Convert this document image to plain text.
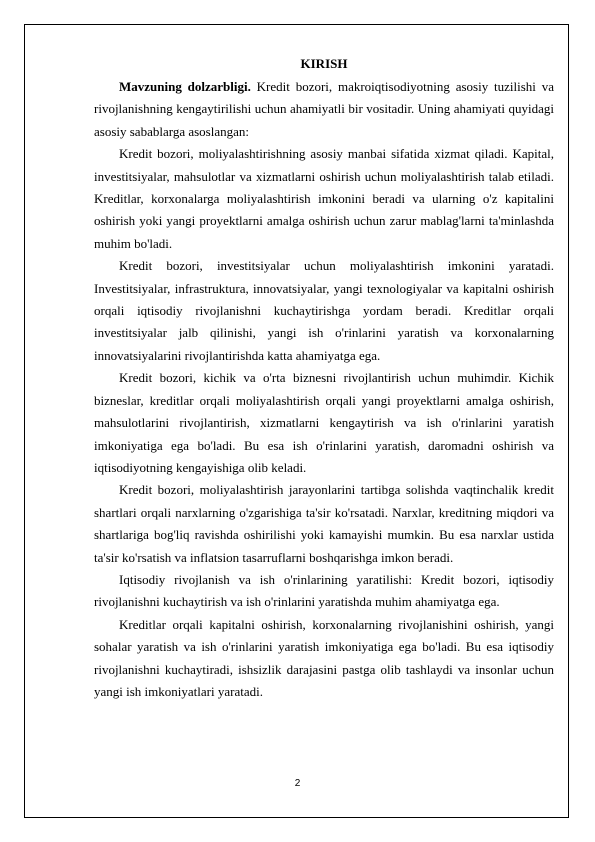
KIRISH

Mavzuning dolzarbligi. Kredit bozori, makroiqtisodiyotning asosiy tuzilishi va rivojlanishning kengaytirilishi uchun ahamiyatli bir vositadir. Uning ahamiyati quyidagi asosiy sabablarga asoslangan:

Kredit bozori, moliyalashtirishning asosiy manbai sifatida xizmat qiladi. Kapital, investitsiyalar, mahsulotlar va xizmatlarni oshirish uchun moliyalashtirish talab etiladi. Kreditlar, korxonalarga moliyalashtirish imkonini beradi va ularning o'z kapitalini oshirish yoki yangi proyektlarni amalga oshirish uchun zarur mablag'larni ta'minlashda muhim bo'ladi.

Kredit bozori, investitsiyalar uchun moliyalashtirish imkonini yaratadi. Investitsiyalar, infrastruktura, innovatsiyalar, yangi texnologiyalar va kapitalni oshirish orqali iqtisodiy rivojlanishni kuchaytirishga yordam beradi. Kreditlar orqali investitsiyalar jalb qilinishi, yangi ish o'rinlarini yaratish va korxonalarning innovatsiyalarini rivojlantirishda katta ahamiyatga ega.

Kredit bozori, kichik va o'rta biznesni rivojlantirish uchun muhimdir. Kichik bizneslar, kreditlar orqali moliyalashtirish orqali yangi proyektlarni amalga oshirish, mahsulotlarini rivojlantirish, xizmatlarni kengaytirish va ish o'rinlarini yaratish imkoniyatiga ega bo'ladi. Bu esa ish o'rinlarini yaratish, daromadni oshirish va iqtisodiyotning kengayishiga olib keladi.

Kredit bozori, moliyalashtirish jarayonlarini tartibga solishda vaqtinchalik kredit shartlari orqali narxlarning o'zgarishiga ta'sir ko'rsatadi. Narxlar, kreditning miqdori va shartlariga bog'liq ravishda oshirilishi yoki kamayishi mumkin. Bu esa narxlar ustida ta'sir ko'rsatish va inflatsion tasarruflarni boshqarishga imkon beradi.

Iqtisodiy rivojlanish va ish o'rinlarining yaratilishi: Kredit bozori, iqtisodiy rivojlanishni kuchaytirish va ish o'rinlarini yaratishda muhim ahamiyatga ega.

Kreditlar orqali kapitalni oshirish, korxonalarning rivojlanishini oshirish, yangi sohalar yaratish va ish o'rinlarini yaratish imkoniyatiga ega bo'ladi. Bu esa iqtisodiy rivojlanishni kuchaytiradi, ishsizlik darajasini pastga olib tashlaydi va insonlar uchun yangi ish imkoniyatlari yaratadi.

2
